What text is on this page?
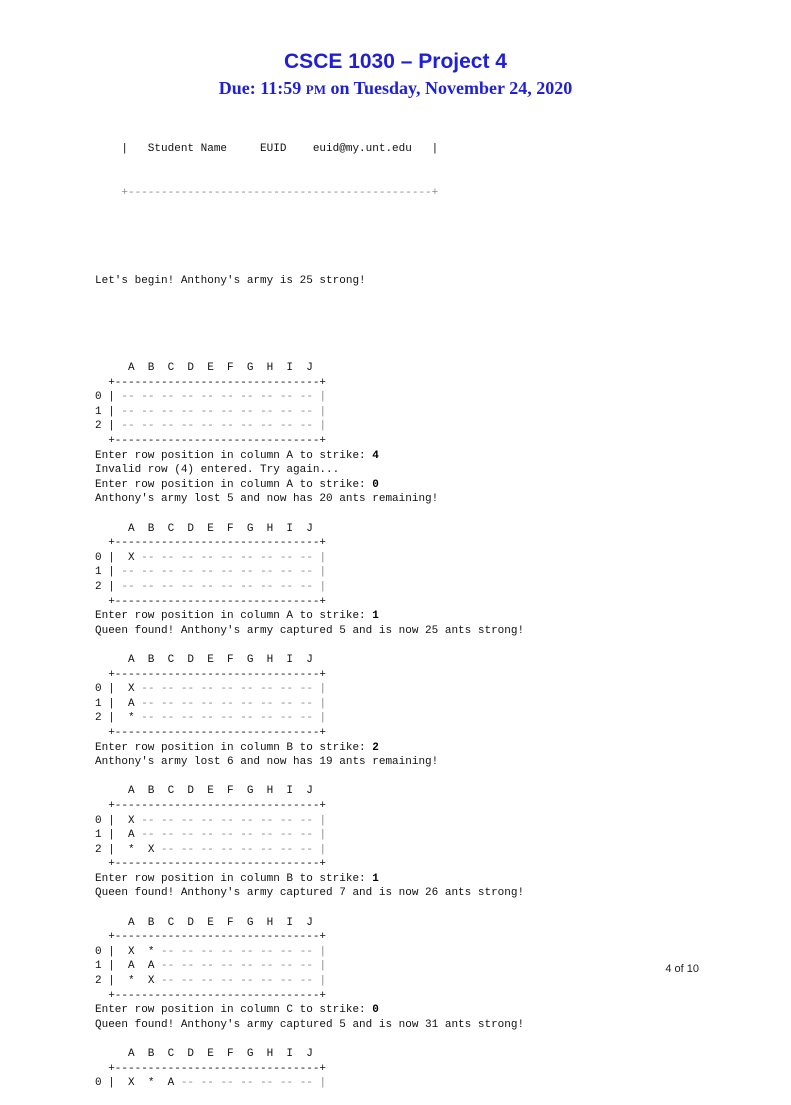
CSCE 1030 – Project 4
Due: 11:59 PM on Tuesday, November 24, 2020

|   Student Name     EUID    euid@my.unt.edu   |

+----------------------------------------------+

Let's begin! Anthony's army is 25 strong!

A  B  C  D  E  F  G  H  I  J
+-------------------------------+
0 | -- -- -- -- -- -- -- -- -- -- |
1 | -- -- -- -- -- -- -- -- -- -- |
2 | -- -- -- -- -- -- -- -- -- -- |
+-------------------------------+
Enter row position in column A to strike: 4
Invalid row (4) entered. Try again...
Enter row position in column A to strike: 0
Anthony's army lost 5 and now has 20 ants remaining!
A  B  C  D  E  F  G  H  I  J
+-------------------------------+
0 |  X -- -- -- -- -- -- -- -- -- |
1 | -- -- -- -- -- -- -- -- -- -- |
2 | -- -- -- -- -- -- -- -- -- -- |
+-------------------------------+
Enter row position in column A to strike: 1
Queen found! Anthony's army captured 5 and is now 25 ants strong!
A  B  C  D  E  F  G  H  I  J
+-------------------------------+
0 |  X -- -- -- -- -- -- -- -- -- |
1 |  A -- -- -- -- -- -- -- -- -- |
2 |  * -- -- -- -- -- -- -- -- -- |
+-------------------------------+
Enter row position in column B to strike: 2
Anthony's army lost 6 and now has 19 ants remaining!
A  B  C  D  E  F  G  H  I  J
+-------------------------------+
0 |  X -- -- -- -- -- -- -- -- -- |
1 |  A -- -- -- -- -- -- -- -- -- |
2 |  *  X -- -- -- -- -- -- -- -- |
+-------------------------------+
Enter row position in column B to strike: 1
Queen found! Anthony's army captured 7 and is now 26 ants strong!
A  B  C  D  E  F  G  H  I  J
+-------------------------------+
0 |  X  * -- -- -- -- -- -- -- -- |
1 |  A  A -- -- -- -- -- -- -- -- |
2 |  *  X -- -- -- -- -- -- -- -- |
+-------------------------------+
Enter row position in column C to strike: 0
Queen found! Anthony's army captured 5 and is now 31 ants strong!
A  B  C  D  E  F  G  H  I  J
+-------------------------------+
0 |  X  *  A -- -- -- -- -- -- -- |

4 of 10
